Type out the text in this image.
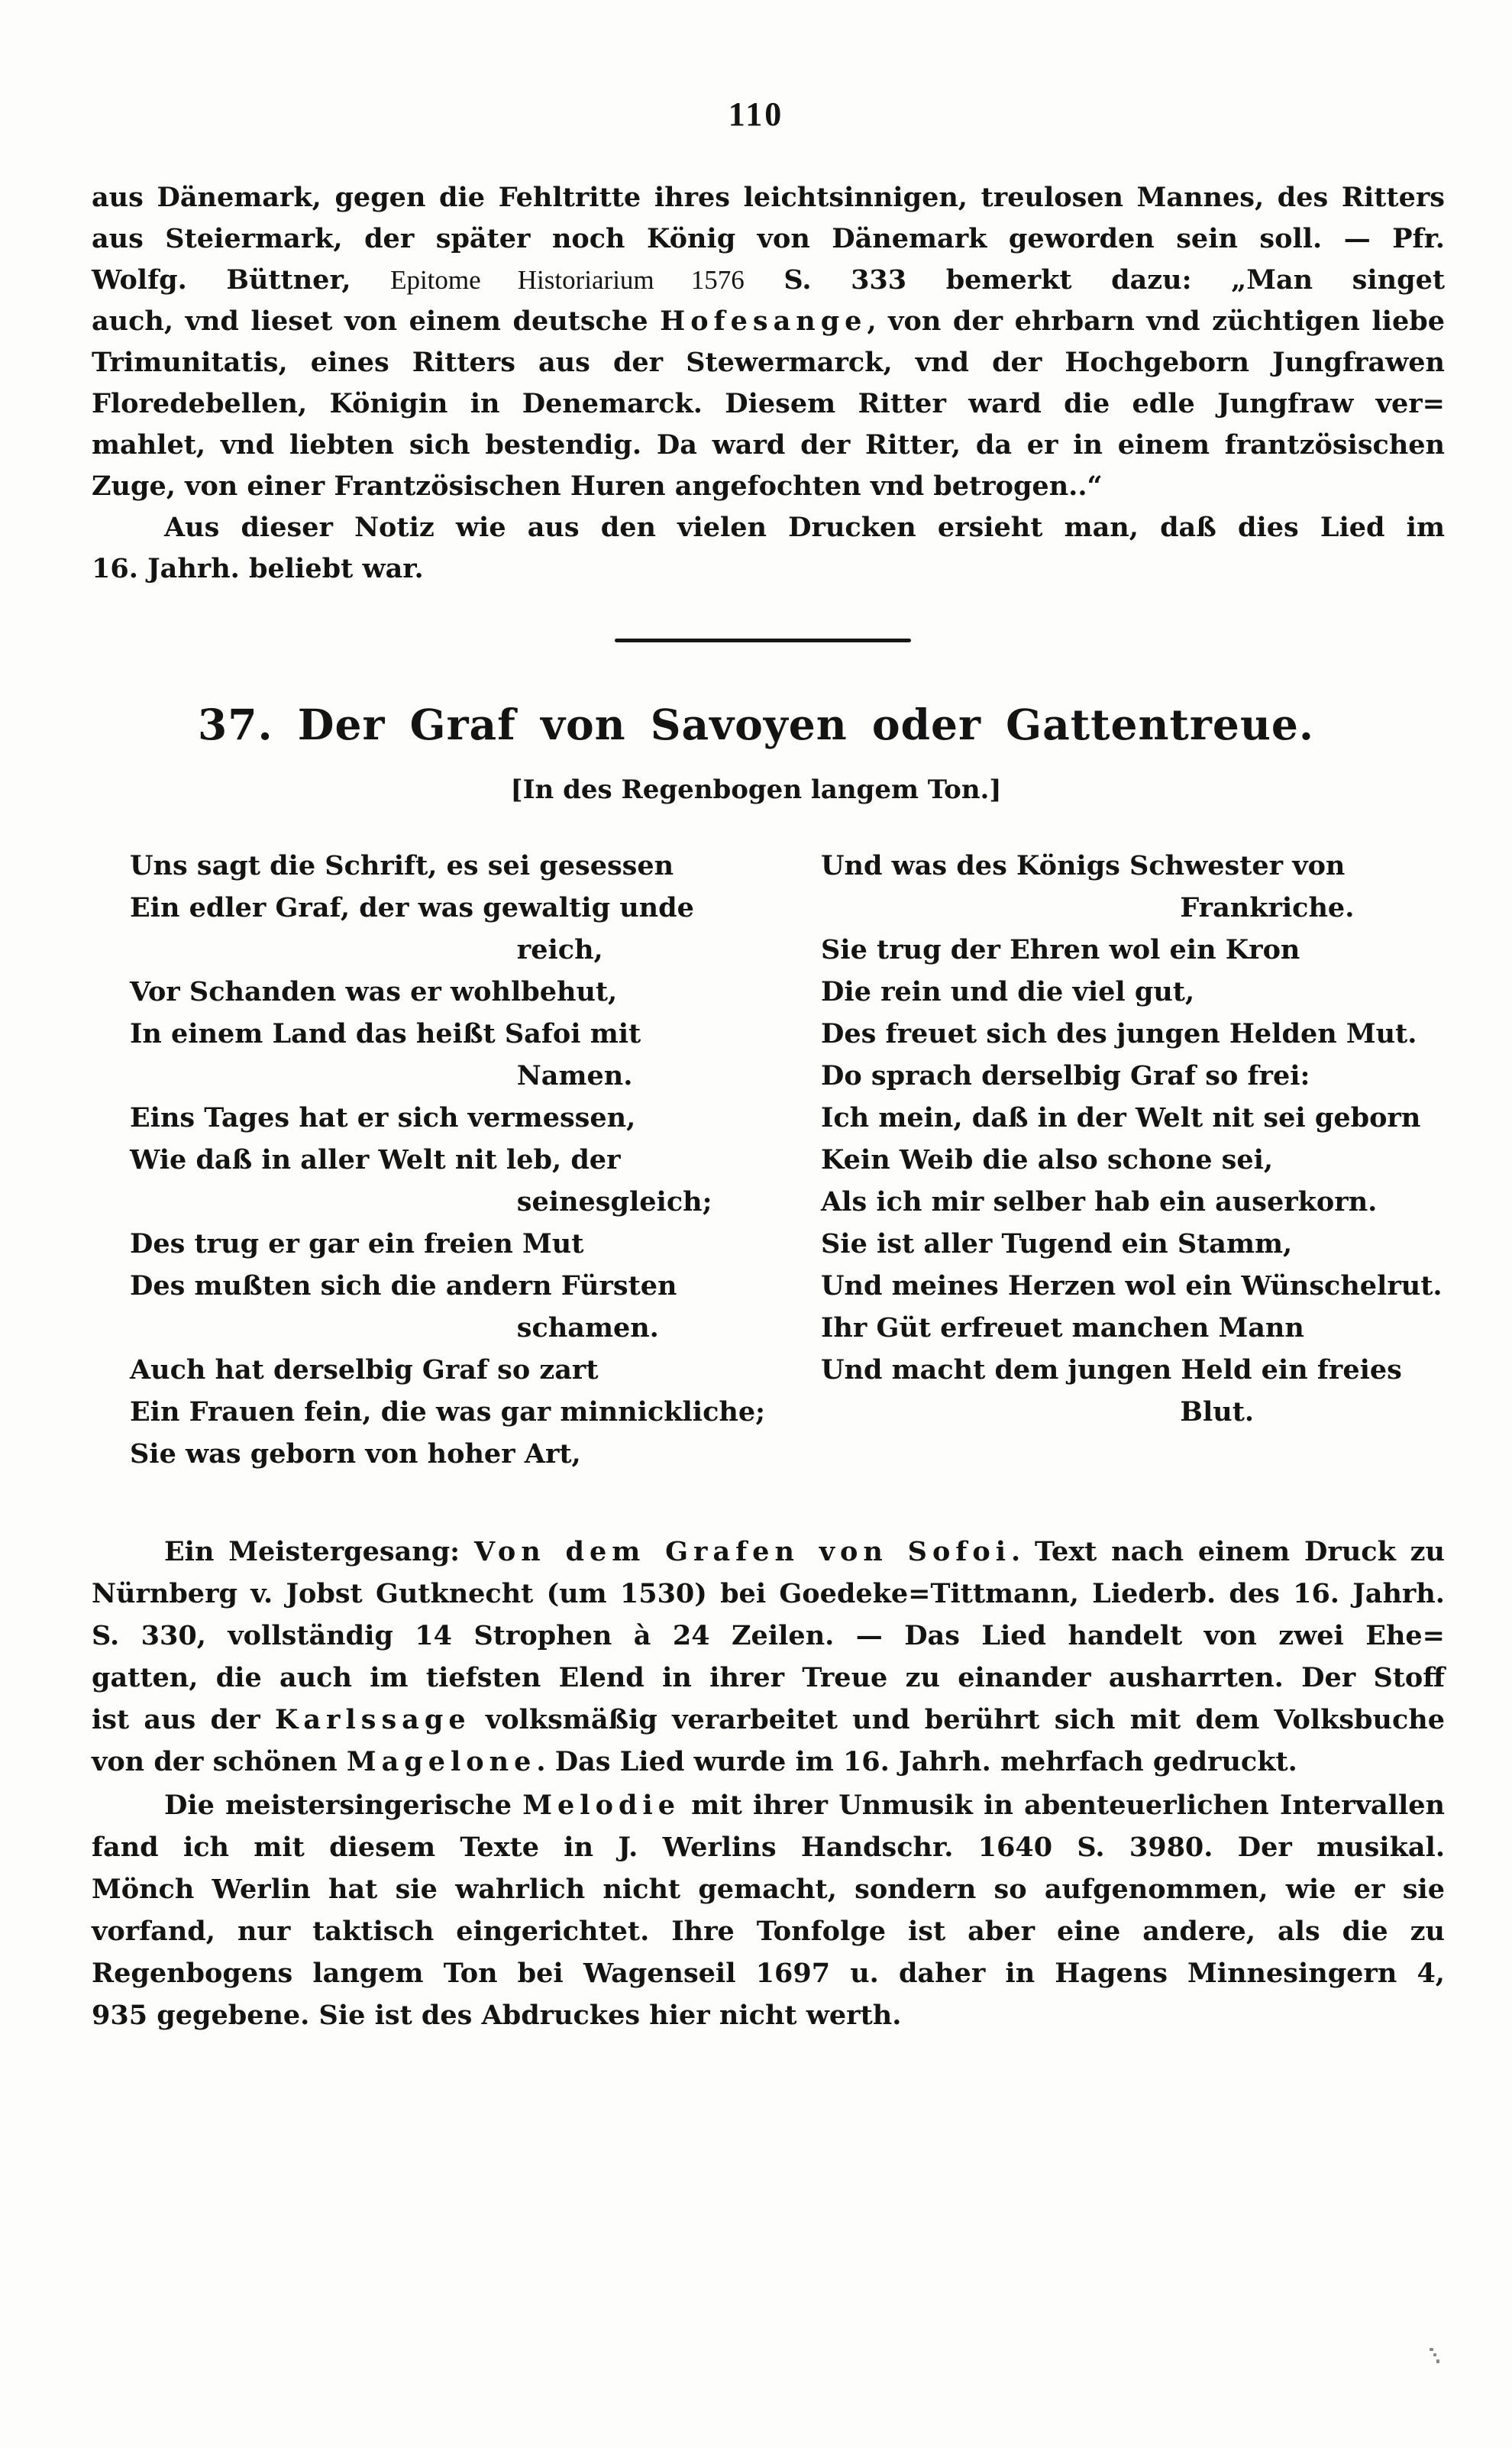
110
aus Dänemark, gegen die Fehltritte ihres leichtsinnigen, treulosen Mannes, des Ritters
aus Steiermark, der später noch König von Dänemark geworden sein soll. — Pfr.
Wolfg. Büttner, Epitome Historiarium 1576 S. 333 bemerkt dazu: „Man singet
auch, vnd lieset von einem deutsche Hofesange, von der ehrbarn vnd züchtigen liebe
Trimunitatis, eines Ritters aus der Stewermarck, vnd der Hochgeborn Jungfrawen
Floredebellen, Königin in Denemarck. Diesem Ritter ward die edle Jungfraw ver=
mahlet, vnd liebten sich bestendig. Da ward der Ritter, da er in einem frantzösischen
Zuge, von einer Frantzösischen Huren angefochten vnd betrogen..“
Aus dieser Notiz wie aus den vielen Drucken ersieht man, daß dies Lied im
16. Jahrh. beliebt war.
37. Der Graf von Savoyen oder Gattentreue.
[In des Regenbogen langem Ton.]
Uns sagt die Schrift, es sei gesessen
Ein edler Graf, der was gewaltig unde
reich,
Vor Schanden was er wohlbehut,
In einem Land das heißt Safoi mit
Namen.
Eins Tages hat er sich vermessen,
Wie daß in aller Welt nit leb, der
seinesgleich;
Des trug er gar ein freien Mut
Des mußten sich die andern Fürsten
schamen.
Auch hat derselbig Graf so zart
Ein Frauen fein, die was gar minnickliche;
Sie was geborn von hoher Art,
Und was des Königs Schwester von
Frankriche.
Sie trug der Ehren wol ein Kron
Die rein und die viel gut,
Des freuet sich des jungen Helden Mut.
Do sprach derselbig Graf so frei:
Ich mein, daß in der Welt nit sei geborn
Kein Weib die also schone sei,
Als ich mir selber hab ein auserkorn.
Sie ist aller Tugend ein Stamm,
Und meines Herzen wol ein Wünschelrut.
Ihr Güt erfreuet manchen Mann
Und macht dem jungen Held ein freies
Blut.
Ein Meistergesang: Von dem Grafen von Sofoi. Text nach einem Druck zu
Nürnberg v. Jobst Gutknecht (um 1530) bei Goedeke=Tittmann, Liederb. des 16. Jahrh.
S. 330, vollständig 14 Strophen à 24 Zeilen. — Das Lied handelt von zwei Ehe=
gatten, die auch im tiefsten Elend in ihrer Treue zu einander ausharrten. Der Stoff
ist aus der Karlssage volksmäßig verarbeitet und berührt sich mit dem Volksbuche
von der schönen Magelone. Das Lied wurde im 16. Jahrh. mehrfach gedruckt.
Die meistersingerische Melodie mit ihrer Unmusik in abenteuerlichen Intervallen
fand ich mit diesem Texte in J. Werlins Handschr. 1640 S. 3980. Der musikal.
Mönch Werlin hat sie wahrlich nicht gemacht, sondern so aufgenommen, wie er sie
vorfand, nur taktisch eingerichtet. Ihre Tonfolge ist aber eine andere, als die zu
Regenbogens langem Ton bei Wagenseil 1697 u. daher in Hagens Minnesingern 4,
935 gegebene. Sie ist des Abdruckes hier nicht werth.
